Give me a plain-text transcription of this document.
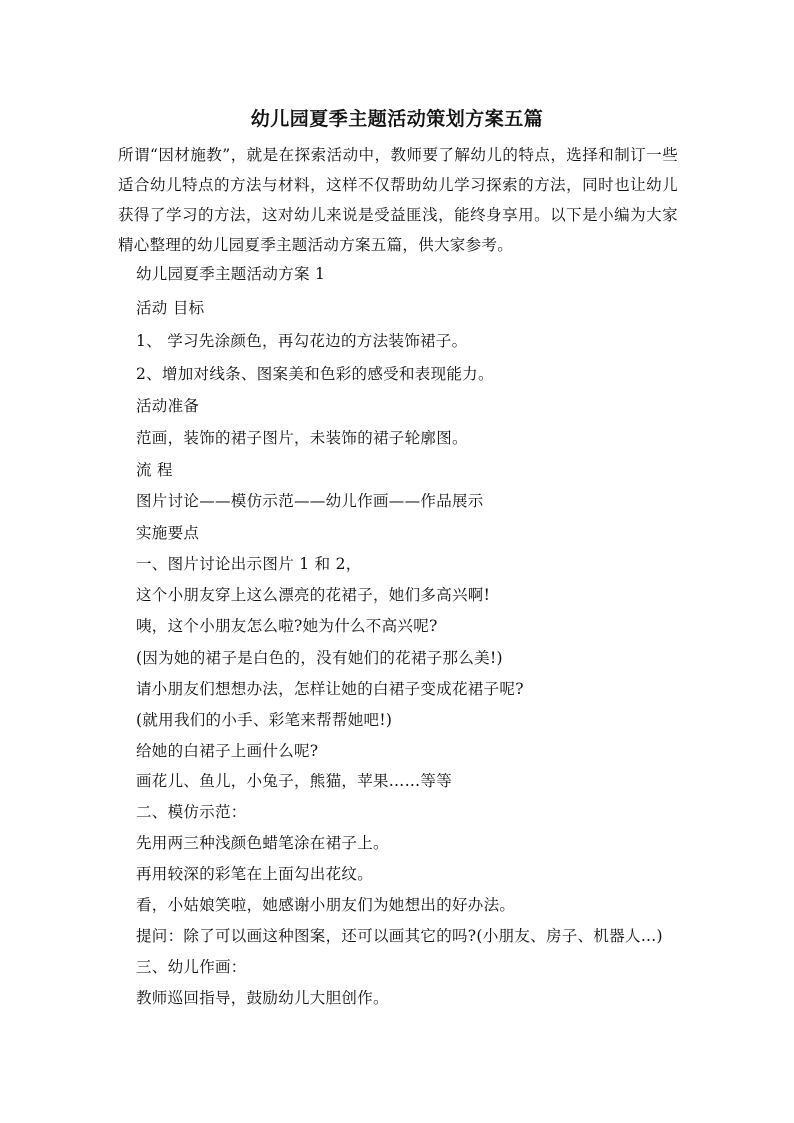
幼儿园夏季主题活动策划方案五篇

所谓“因材施教”，就是在探索活动中，教师要了解幼儿的特点，选择和制订一些适合幼儿特点的方法与材料，这样不仅帮助幼儿学习探索的方法，同时也让幼儿获得了学习的方法，这对幼儿来说是受益匪浅，能终身享用。以下是小编为大家精心整理的幼儿园夏季主题活动方案五篇，供大家参考。

幼儿园夏季主题活动方案 1

活动 目标

1、 学习先涂颜色，再勾花边的方法装饰裙子。

2、增加对线条、图案美和色彩的感受和表现能力。

活动准备

范画，装饰的裙子图片，未装饰的裙子轮廓图。

流 程

图片讨论——模仿示范——幼儿作画——作品展示

实施要点

一、图片讨论出示图片 1 和 2，

这个小朋友穿上这么漂亮的花裙子，她们多高兴啊!

咦，这个小朋友怎么啦?她为什么不高兴呢?

(因为她的裙子是白色的，没有她们的花裙子那么美!)

请小朋友们想想办法，怎样让她的白裙子变成花裙子呢?

(就用我们的小手、彩笔来帮帮她吧!)

给她的白裙子上画什么呢?

画花儿、鱼儿，小兔子，熊猫，苹果……等等

二、模仿示范：

先用两三种浅颜色蜡笔涂在裙子上。

再用较深的彩笔在上面勾出花纹。

看，小姑娘笑啦，她感谢小朋友们为她想出的好办法。

提问：除了可以画这种图案，还可以画其它的吗?(小朋友、房子、机器人…)

三、幼儿作画：

教师巡回指导，鼓励幼儿大胆创作。
